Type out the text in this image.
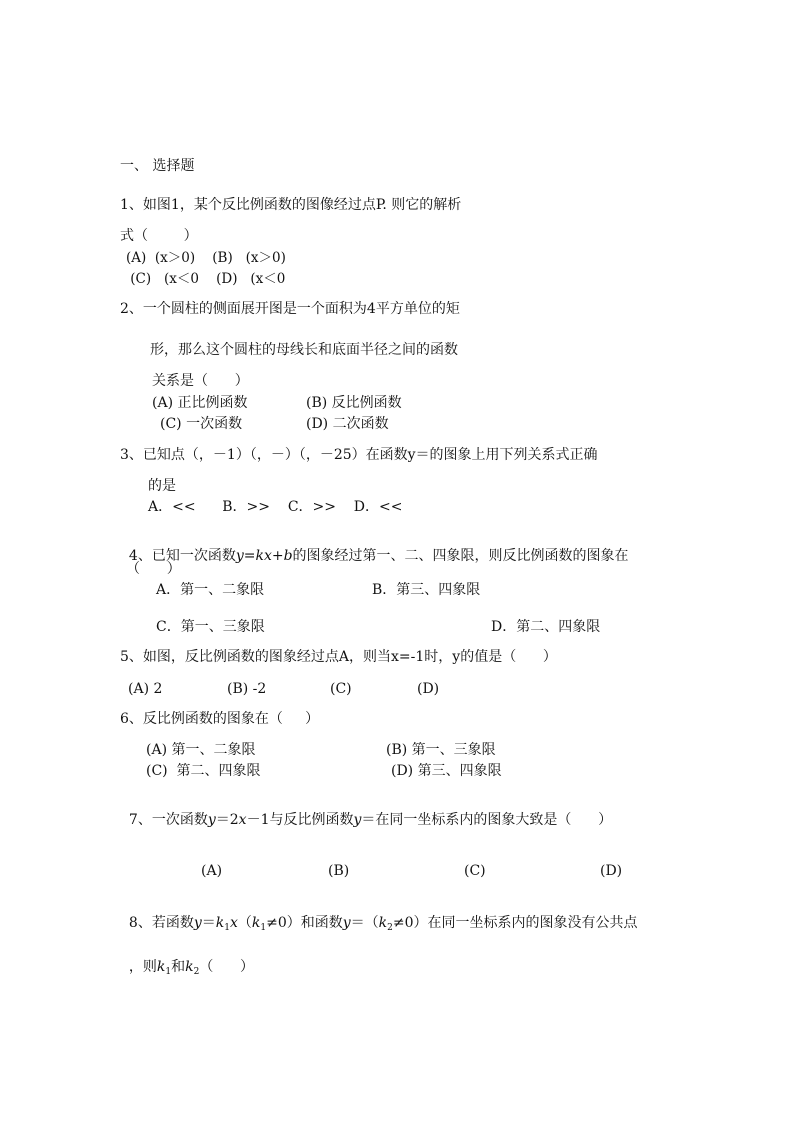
一、 选择题
1、如图1，某个反比例函数的图像经过点P. 则它的解析
式（        ）
(A)  (x＞0)    (B)   (x＞0)
(C)   (x＜0    (D)   (x＜0
2、一个圆柱的侧面展开图是一个面积为4平方单位的矩
形，那么这个圆柱的母线长和底面半径之间的函数
关系是（      ）
(A) 正比例函数	(B) 反比例函数
(C) 一次函数	(D) 二次函数
3、已知点（，－1）（，－）（，－25）在函数y＝的图象上用下列关系式正确
的是
A．<<      B．>>    C．>>    D．<<

4、已知一次函数y=kx+b的图象经过第一、二、四象限，则反比例函数的图象在

（      ）
A．第一、二象限	B．第三、四象限
C．第一、三象限	D．第二、四象限
5、如图，反比例函数的图象经过点A，则当x=-1时，y的值是（      ）
(A) 2	(B) -2	(C)	(D)
6、反比例函数的图象在（     ）
(A) 第一、二象限	(B) 第一、三象限
(C)  第二、四象限	(D) 第三、四象限

7、一次函数y＝2x－1与反比例函数y＝在同一坐标系内的图象大致是（      ）

(A)	(B)	(C)	(D)

8、若函数$y=k_1x(k_1\ne 0)$和函数$y=(k_2\ne 0)$在同一坐标系内的图象没有公共点

，则$k_1$和$k_2$（      ）
